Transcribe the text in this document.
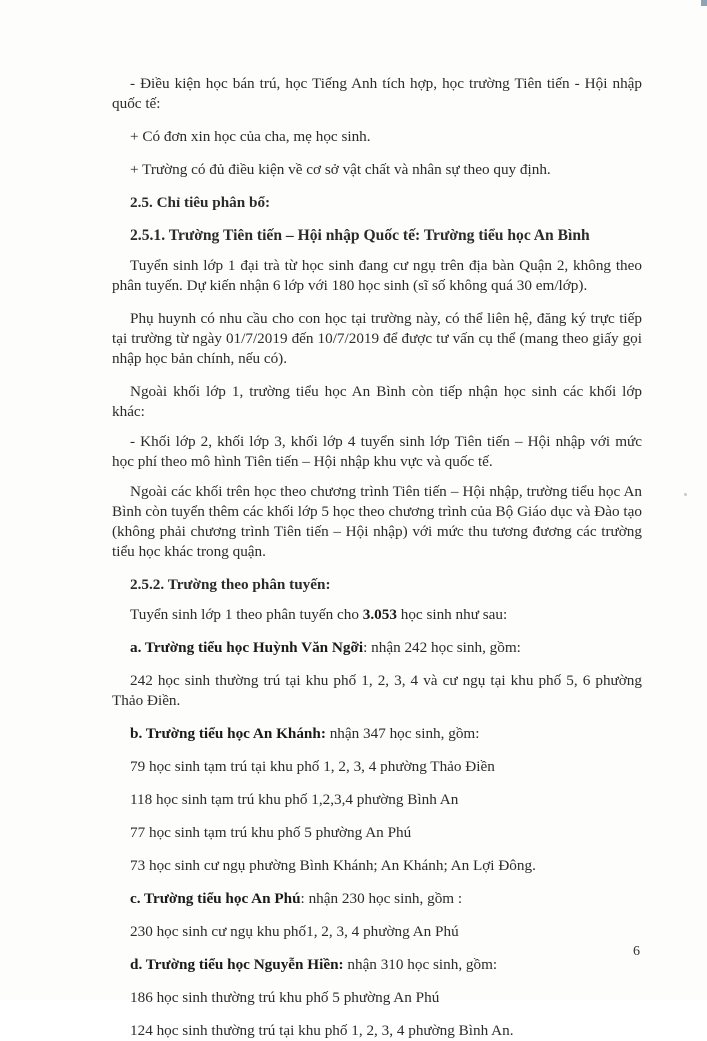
- Điều kiện học bán trú, học Tiếng Anh tích hợp, học trường Tiên tiến - Hội nhập quốc tế:

+ Có đơn xin học của cha, mẹ học sinh.

+ Trường có đủ điều kiện về cơ sở vật chất và nhân sự theo quy định.

2.5. Chỉ tiêu phân bổ:

2.5.1. Trường Tiên tiến – Hội nhập Quốc tế: Trường tiểu học An Bình

Tuyển sinh lớp 1 đại trà từ học sinh đang cư ngụ trên địa bàn Quận 2, không theo phân tuyến. Dự kiến nhận 6 lớp với 180 học sinh (sĩ số không quá 30 em/lớp).

Phụ huynh có nhu cầu cho con học tại trường này, có thể liên hệ, đăng ký trực tiếp tại trường từ ngày 01/7/2019 đến 10/7/2019 để được tư vấn cụ thể (mang theo giấy gọi nhập học bản chính, nếu có).

Ngoài khối lớp 1, trường tiểu học An Bình còn tiếp nhận học sinh các khối lớp khác:

- Khối lớp 2, khối lớp 3, khối lớp 4 tuyển sinh lớp Tiên tiến – Hội nhập với mức học phí theo mô hình Tiên tiến – Hội nhập khu vực và quốc tế.

Ngoài các khối trên học theo chương trình Tiên tiến – Hội nhập, trường tiểu học An Bình còn tuyển thêm các khối lớp 5 học theo chương trình của Bộ Giáo dục và Đào tạo (không phải chương trình Tiên tiến – Hội nhập) với mức thu tương đương các trường tiểu học khác trong quận.

2.5.2. Trường theo phân tuyến:

Tuyển sinh lớp 1 theo phân tuyến cho 3.053 học sinh như sau:

a. Trường tiểu học Huỳnh Văn Ngỡi: nhận 242 học sinh, gồm:

242 học sinh thường trú tại khu phố 1, 2, 3, 4 và cư ngụ tại khu phố 5, 6 phường Thảo Điền.

b. Trường tiểu học An Khánh: nhận 347 học sinh, gồm:

79 học sinh tạm trú tại khu phố 1, 2, 3, 4 phường Thảo Điền

118 học sinh tạm trú khu phố 1,2,3,4 phường Bình An

77 học sinh tạm trú khu phố 5 phường An Phú

73 học sinh cư ngụ phường Bình Khánh; An Khánh; An Lợi Đông.

c. Trường tiểu học An Phú: nhận 230 học sinh, gồm :

230 học sinh cư ngụ khu phố1, 2, 3, 4 phường An Phú

d. Trường tiểu học Nguyễn Hiền: nhận 310 học sinh, gồm:

186 học sinh thường trú khu phố 5 phường An Phú

124 học sinh thường trú tại khu phố 1, 2, 3, 4 phường Bình An.

6
